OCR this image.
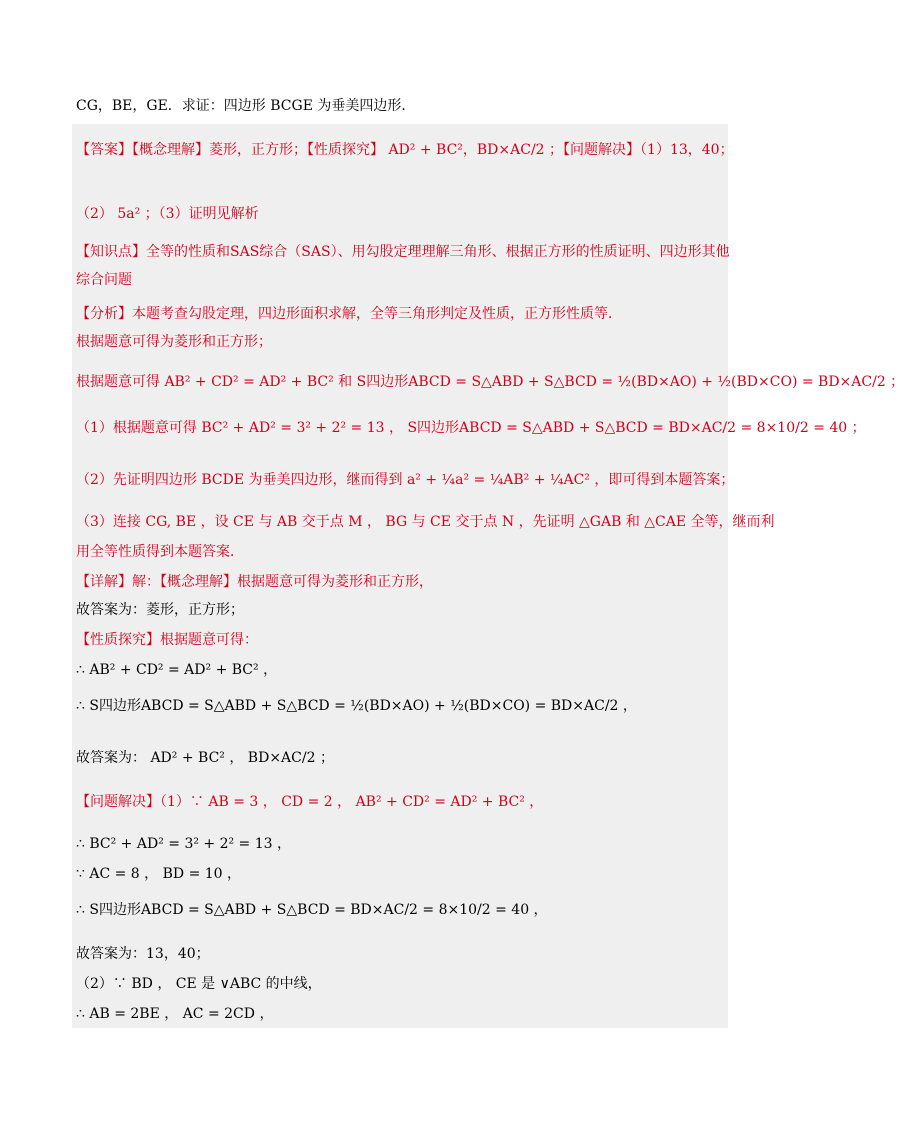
CG，BE，GE．求证：四边形 BCGE 为垂美四边形．
【答案】【概念理解】菱形，正方形；【性质探究】 AD² + BC²，BD×AC/2 ；【问题解决】（1）13，40；
（2） 5a² ；（3）证明见解析
【知识点】全等的性质和SAS综合（SAS）、用勾股定理理解三角形、根据正方形的性质证明、四边形其他
综合问题
【分析】本题考查勾股定理，四边形面积求解，全等三角形判定及性质，正方形性质等．
根据题意可得为菱形和正方形；
根据题意可得 AB² + CD² = AD² + BC² 和 S四边形ABCD = S△ABD + S△BCD = ½(BD×AO) + ½(BD×CO) = BD×AC/2 ；
（1）根据题意可得 BC² + AD² = 3² + 2² = 13 ， S四边形ABCD = S△ABD + S△BCD = BD×AC/2 = 8×10/2 = 40 ；
（2）先证明四边形 BCDE 为垂美四边形，继而得到 a² + ¼a² = ¼AB² + ¼AC² ，即可得到本题答案；
（3）连接 CG, BE ，设 CE 与 AB 交于点 M ， BG 与 CE 交于点 N ，先证明 △GAB 和 △CAE 全等，继而利
用全等性质得到本题答案．
【详解】解：【概念理解】根据题意可得为菱形和正方形，
故答案为：菱形，正方形；
【性质探究】根据题意可得：
∴ AB² + CD² = AD² + BC² ，
∴ S四边形ABCD = S△ABD + S△BCD = ½(BD×AO) + ½(BD×CO) = BD×AC/2 ，
故答案为： AD² + BC² ， BD×AC/2 ；
【问题解决】（1）∵ AB = 3 ， CD = 2 ， AB² + CD² = AD² + BC² ，
∴ BC² + AD² = 3² + 2² = 13 ，
∵ AC = 8 ， BD = 10 ，
∴ S四边形ABCD = S△ABD + S△BCD = BD×AC/2 = 8×10/2 = 40 ，
故答案为：13，40；
（2）∵ BD ， CE 是 ∨ABC 的中线，
∴ AB = 2BE ， AC = 2CD ，
